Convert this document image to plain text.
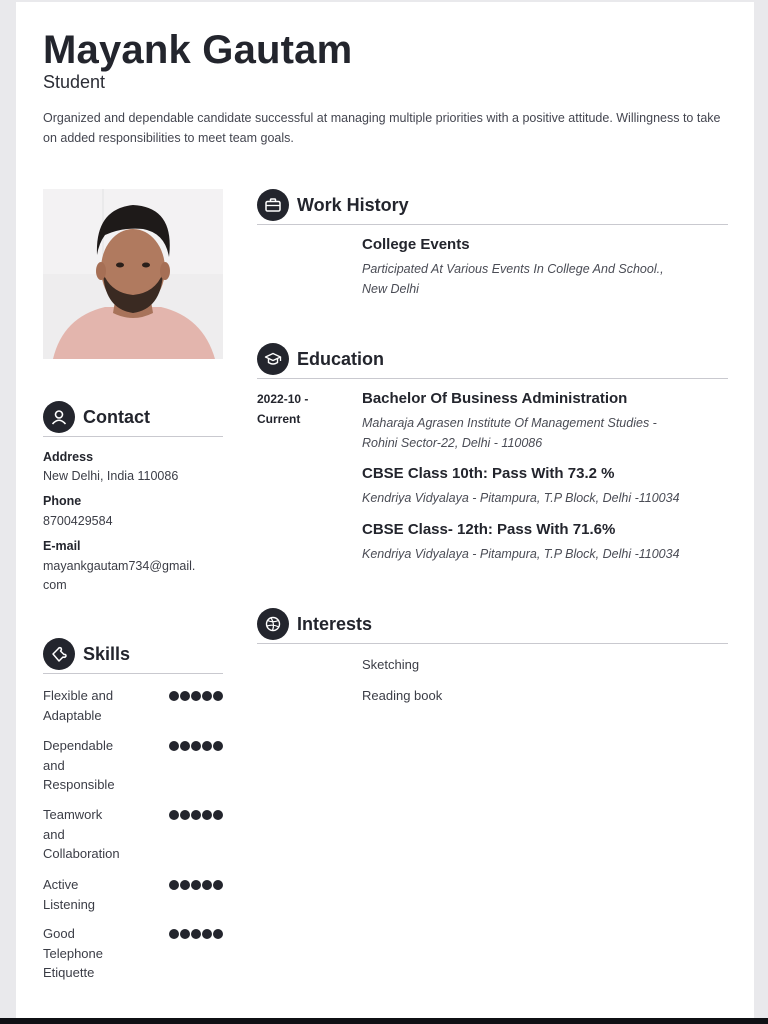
Mayank Gautam
Student
Organized and dependable candidate successful at managing multiple priorities with a positive attitude. Willingness to take on added responsibilities to meet team goals.
Contact
Address
New Delhi, India 110086
Phone
8700429584
E-mail
mayankgautam734@gmail.
com
Skills
Flexible and
Adaptable
Dependable
and
Responsible
Teamwork
and
Collaboration
Active
Listening
Good
Telephone
Etiquette
Work History
College Events
Participated At Various Events In College And School.,
New Delhi
Education
2022-10 -
Current
Bachelor Of Business Administration
Maharaja Agrasen Institute Of Management Studies -
Rohini Sector-22, Delhi - 110086
CBSE Class 10th: Pass With 73.2 %
Kendriya Vidyalaya - Pitampura, T.P Block, Delhi -110034
CBSE Class- 12th: Pass With 71.6%
Kendriya Vidyalaya - Pitampura, T.P Block, Delhi -110034
Interests
Sketching
Reading book
